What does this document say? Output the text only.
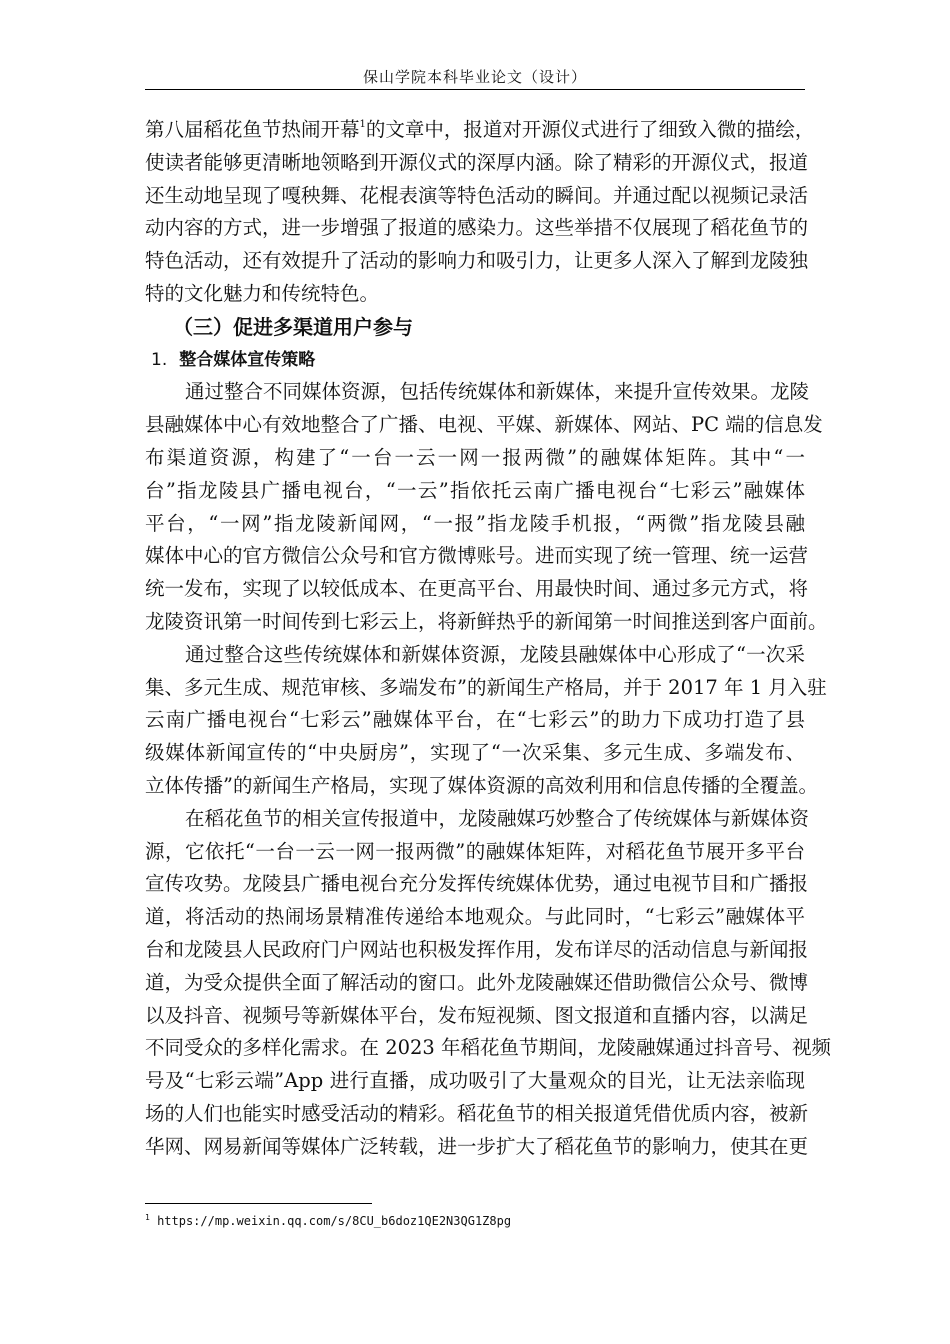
保山学院本科毕业论文（设计）
第八届稻花鱼节热闹开幕$^1$的文章中，报道对开源仪式进行了细致入微的描绘，
使读者能够更清晰地领略到开源仪式的深厚内涵。除了精彩的开源仪式，报道
还生动地呈现了嘎秧舞、花棍表演等特色活动的瞬间。并通过配以视频记录活
动内容的方式，进一步增强了报道的感染力。这些举措不仅展现了稻花鱼节的
特色活动，还有效提升了活动的影响力和吸引力，让更多人深入了解到龙陵独
特的文化魅力和传统特色。
（三）促进多渠道用户参与
1. 整合媒体宣传策略
通过整合不同媒体资源，包括传统媒体和新媒体，来提升宣传效果。龙陵
县融媒体中心有效地整合了广播、电视、平媒、新媒体、网站、PC 端的信息发
布渠道资源，构建了“一台一云一网一报两微”的融媒体矩阵。其中“一
台”指龙陵县广播电视台，“一云”指依托云南广播电视台“七彩云”融媒体
平台，“一网”指龙陵新闻网，“一报”指龙陵手机报，“两微”指龙陵县融
媒体中心的官方微信公众号和官方微博账号。进而实现了统一管理、统一运营
统一发布，实现了以较低成本、在更高平台、用最快时间、通过多元方式，将
龙陵资讯第一时间传到七彩云上，将新鲜热乎的新闻第一时间推送到客户面前。
通过整合这些传统媒体和新媒体资源，龙陵县融媒体中心形成了“一次采
集、多元生成、规范审核、多端发布”的新闻生产格局，并于 2017 年 1 月入驻
云南广播电视台“七彩云”融媒体平台，在“七彩云”的助力下成功打造了县
级媒体新闻宣传的“中央厨房”，实现了“一次采集、多元生成、多端发布、
立体传播”的新闻生产格局，实现了媒体资源的高效利用和信息传播的全覆盖。
在稻花鱼节的相关宣传报道中，龙陵融媒巧妙整合了传统媒体与新媒体资
源，它依托“一台一云一网一报两微”的融媒体矩阵，对稻花鱼节展开多平台
宣传攻势。龙陵县广播电视台充分发挥传统媒体优势，通过电视节目和广播报
道，将活动的热闹场景精准传递给本地观众。与此同时，“七彩云”融媒体平
台和龙陵县人民政府门户网站也积极发挥作用，发布详尽的活动信息与新闻报
道，为受众提供全面了解活动的窗口。此外龙陵融媒还借助微信公众号、微博
以及抖音、视频号等新媒体平台，发布短视频、图文报道和直播内容，以满足
不同受众的多样化需求。在 2023 年稻花鱼节期间，龙陵融媒通过抖音号、视频
号及“七彩云端”App 进行直播，成功吸引了大量观众的目光，让无法亲临现
场的人们也能实时感受活动的精彩。稻花鱼节的相关报道凭借优质内容，被新
华网、网易新闻等媒体广泛转载，进一步扩大了稻花鱼节的影响力，使其在更
$^1$ https://mp.weixin.qq.com/s/8CU_b6doz1QE2N3QG1Z8pg
